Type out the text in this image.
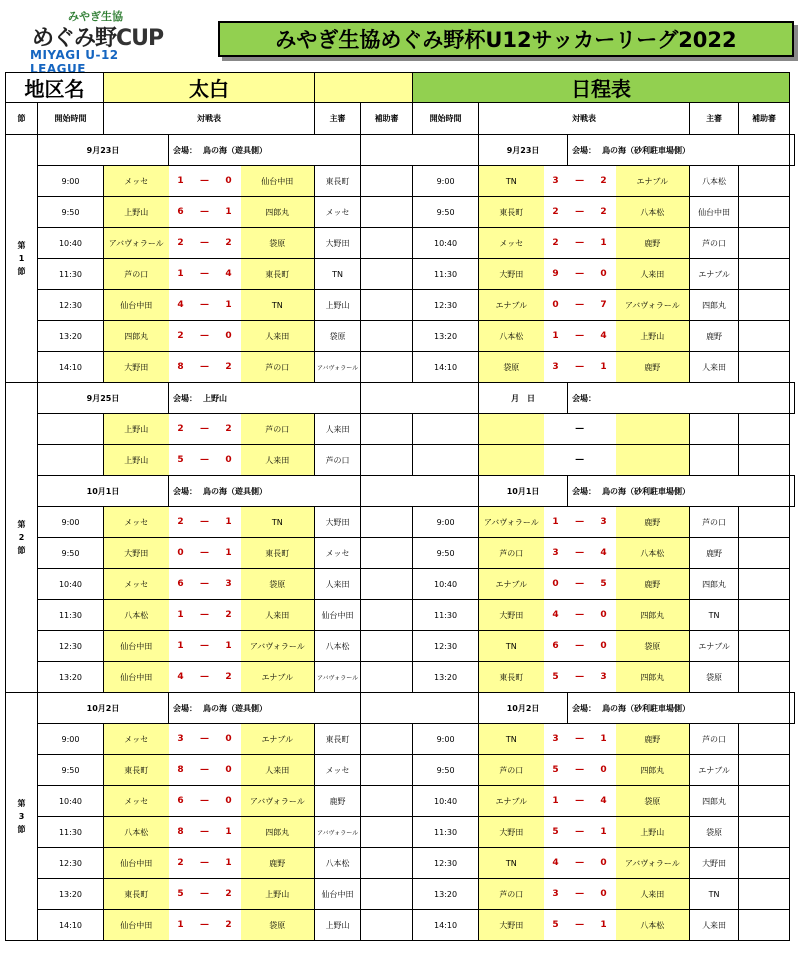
みやぎ生協
めぐみ野CUP
MIYAGI U-12 LEAGUE
みやぎ生協めぐみ野杯U12サッカーリーグ2022
地区名		太白							日程表								
節	開始時間	対戦表					主審	補助審	開始時間	対戦表					主審	補助審	
第
1
節	9月23日		会場： 鳥の海（遊具側）							9月23日		会場： 鳥の海（砂利駐車場側）					
	9:00	メッセ	1	—	0	仙台中田	東長町		9:00	TN	3	—	2	エナブル	八本松		
	9:50	上野山	6	—	1	四郎丸	メッセ		9:50	東長町	2	—	2	八本松	仙台中田		
	10:40	アバヴォラール	2	—	2	袋原	大野田		10:40	メッセ	2	—	1	鹿野	芦の口		
	11:30	芦の口	1	—	4	東長町	TN		11:30	大野田	9	—	0	人来田	エナブル		
	12:30	仙台中田	4	—	1	TN	上野山		12:30	エナブル	0	—	7	アバヴォラール	四郎丸		
	13:20	四郎丸	2	—	0	人来田	袋原		13:20	八本松	1	—	4	上野山	鹿野		
	14:10	大野田	8	—	2	芦の口	アバヴォラール		14:10	袋原	3	—	1	鹿野	人来田		
第
2
節	9月25日		会場： 上野山							月　日		会場：					
		上野山	2	—	2	芦の口	人来田					—					
		上野山	5	—	0	人来田	芦の口					—					
	10月1日		会場： 鳥の海（遊具側）							10月1日		会場： 鳥の海（砂利駐車場側）					
	9:00	メッセ	2	—	1	TN	大野田		9:00	アバヴォラール	1	—	3	鹿野	芦の口		
	9:50	大野田	0	—	1	東長町	メッセ		9:50	芦の口	3	—	4	八本松	鹿野		
	10:40	メッセ	6	—	3	袋原	人来田		10:40	エナブル	0	—	5	鹿野	四郎丸		
	11:30	八本松	1	—	2	人来田	仙台中田		11:30	大野田	4	—	0	四郎丸	TN		
	12:30	仙台中田	1	—	1	アバヴォラール	八本松		12:30	TN	6	—	0	袋原	エナブル		
	13:20	仙台中田	4	—	2	エナブル	アバヴォラール		13:20	東長町	5	—	3	四郎丸	袋原		
第
3
節	10月2日		会場： 鳥の海（遊具側）							10月2日		会場： 鳥の海（砂利駐車場側）					
	9:00	メッセ	3	—	0	エナブル	東長町		9:00	TN	3	—	1	鹿野	芦の口		
	9:50	東長町	8	—	0	人来田	メッセ		9:50	芦の口	5	—	0	四郎丸	エナブル		
	10:40	メッセ	6	—	0	アバヴォラール	鹿野		10:40	エナブル	1	—	4	袋原	四郎丸		
	11:30	八本松	8	—	1	四郎丸	アバヴォラール		11:30	大野田	5	—	1	上野山	袋原		
	12:30	仙台中田	2	—	1	鹿野	八本松		12:30	TN	4	—	0	アバヴォラール	大野田		
	13:20	東長町	5	—	2	上野山	仙台中田		13:20	芦の口	3	—	0	人来田	TN		
	14:10	仙台中田	1	—	2	袋原	上野山		14:10	大野田	5	—	1	八本松	人来田		
